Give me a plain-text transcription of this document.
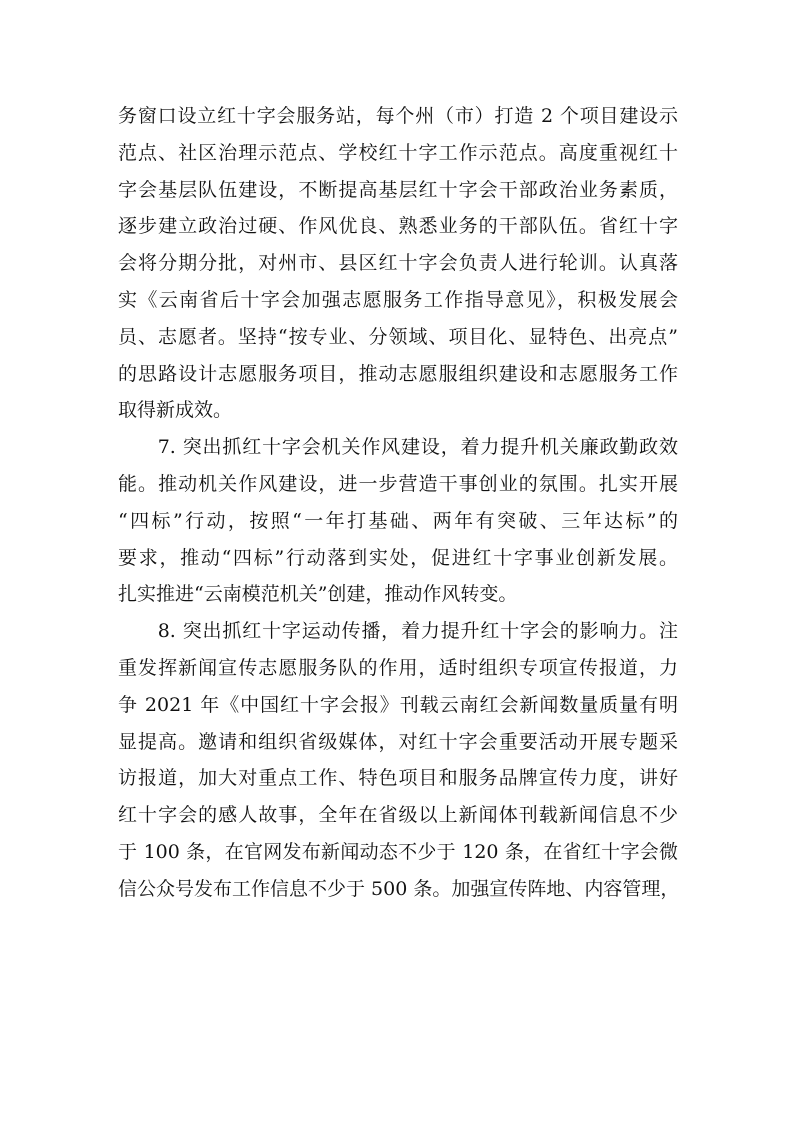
务窗口设立红十字会服务站，每个州（市）打造 2 个项目建设示
范点、社区治理示范点、学校红十字工作示范点。高度重视红十
字会基层队伍建设，不断提高基层红十字会干部政治业务素质，
逐步建立政治过硬、作风优良、熟悉业务的干部队伍。省红十字
会将分期分批，对州市、县区红十字会负责人进行轮训。认真落
实《云南省后十字会加强志愿服务工作指导意见》，积极发展会
员、志愿者。坚持“按专业、分领域、项目化、显特色、出亮点”
的思路设计志愿服务项目，推动志愿服组织建设和志愿服务工作
取得新成效。
　　7. 突出抓红十字会机关作风建设，着力提升机关廉政勤政效
能。推动机关作风建设，进一步营造干事创业的氛围。扎实开展
“四标”行动，按照“一年打基础、两年有突破、三年达标”的
要求，推动“四标”行动落到实处，促进红十字事业创新发展。
扎实推进“云南模范机关”创建，推动作风转变。
　　8. 突出抓红十字运动传播，着力提升红十字会的影响力。注
重发挥新闻宣传志愿服务队的作用，适时组织专项宣传报道，力
争 2021 年《中国红十字会报》刊载云南红会新闻数量质量有明
显提高。邀请和组织省级媒体，对红十字会重要活动开展专题采
访报道，加大对重点工作、特色项目和服务品牌宣传力度，讲好
红十字会的感人故事，全年在省级以上新闻体刊载新闻信息不少
于 100 条，在官网发布新闻动态不少于 120 条，在省红十字会微
信公众号发布工作信息不少于 500 条。加强宣传阵地、内容管理，
